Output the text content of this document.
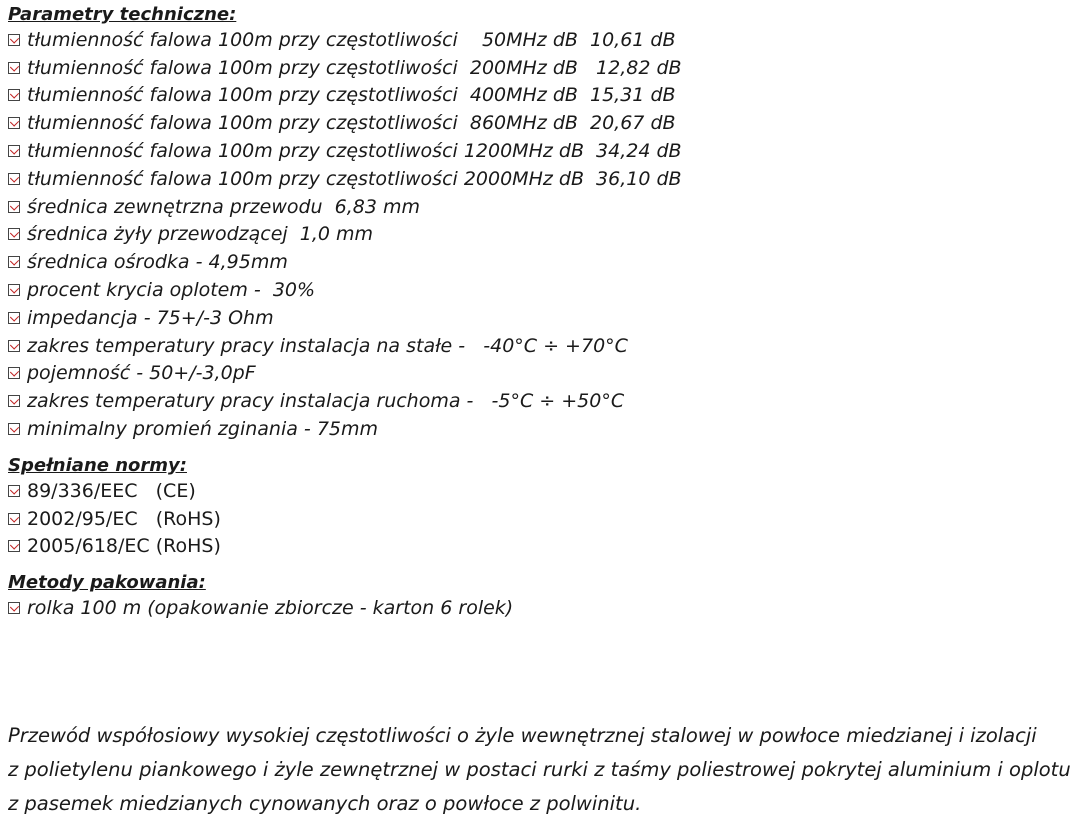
Parametry techniczne:
tłumienność falowa 100m przy częstotliwości    50MHz dB  10,61 dB
tłumienność falowa 100m przy częstotliwości  200MHz dB   12,82 dB
tłumienność falowa 100m przy częstotliwości  400MHz dB  15,31 dB
tłumienność falowa 100m przy częstotliwości  860MHz dB  20,67 dB
tłumienność falowa 100m przy częstotliwości 1200MHz dB  34,24 dB
tłumienność falowa 100m przy częstotliwości 2000MHz dB  36,10 dB
średnica zewnętrzna przewodu  6,83 mm
średnica żyły przewodzącej  1,0 mm
średnica ośrodka - 4,95mm
procent krycia oplotem -  30%
impedancja - 75+/-3 Ohm
zakres temperatury pracy instalacja na stałe -   -40°C ÷ +70°C
pojemność - 50+/-3,0pF
zakres temperatury pracy instalacja ruchoma -   -5°C ÷ +50°C
minimalny promień zginania - 75mm
Spełniane normy:
89/336/EEC   (CE)
2002/95/EC   (RoHS)
2005/618/EC (RoHS)
Metody pakowania:
rolka 100 m (opakowanie zbiorcze - karton 6 rolek)

Przewód współosiowy wysokiej częstotliwości o żyle wewnętrznej stalowej w powłoce miedzianej i izolacji

z polietylenu piankowego i żyle zewnętrznej w postaci rurki z taśmy poliestrowej pokrytej aluminium i oplotu

z pasemek miedzianych cynowanych oraz o powłoce z polwinitu.
